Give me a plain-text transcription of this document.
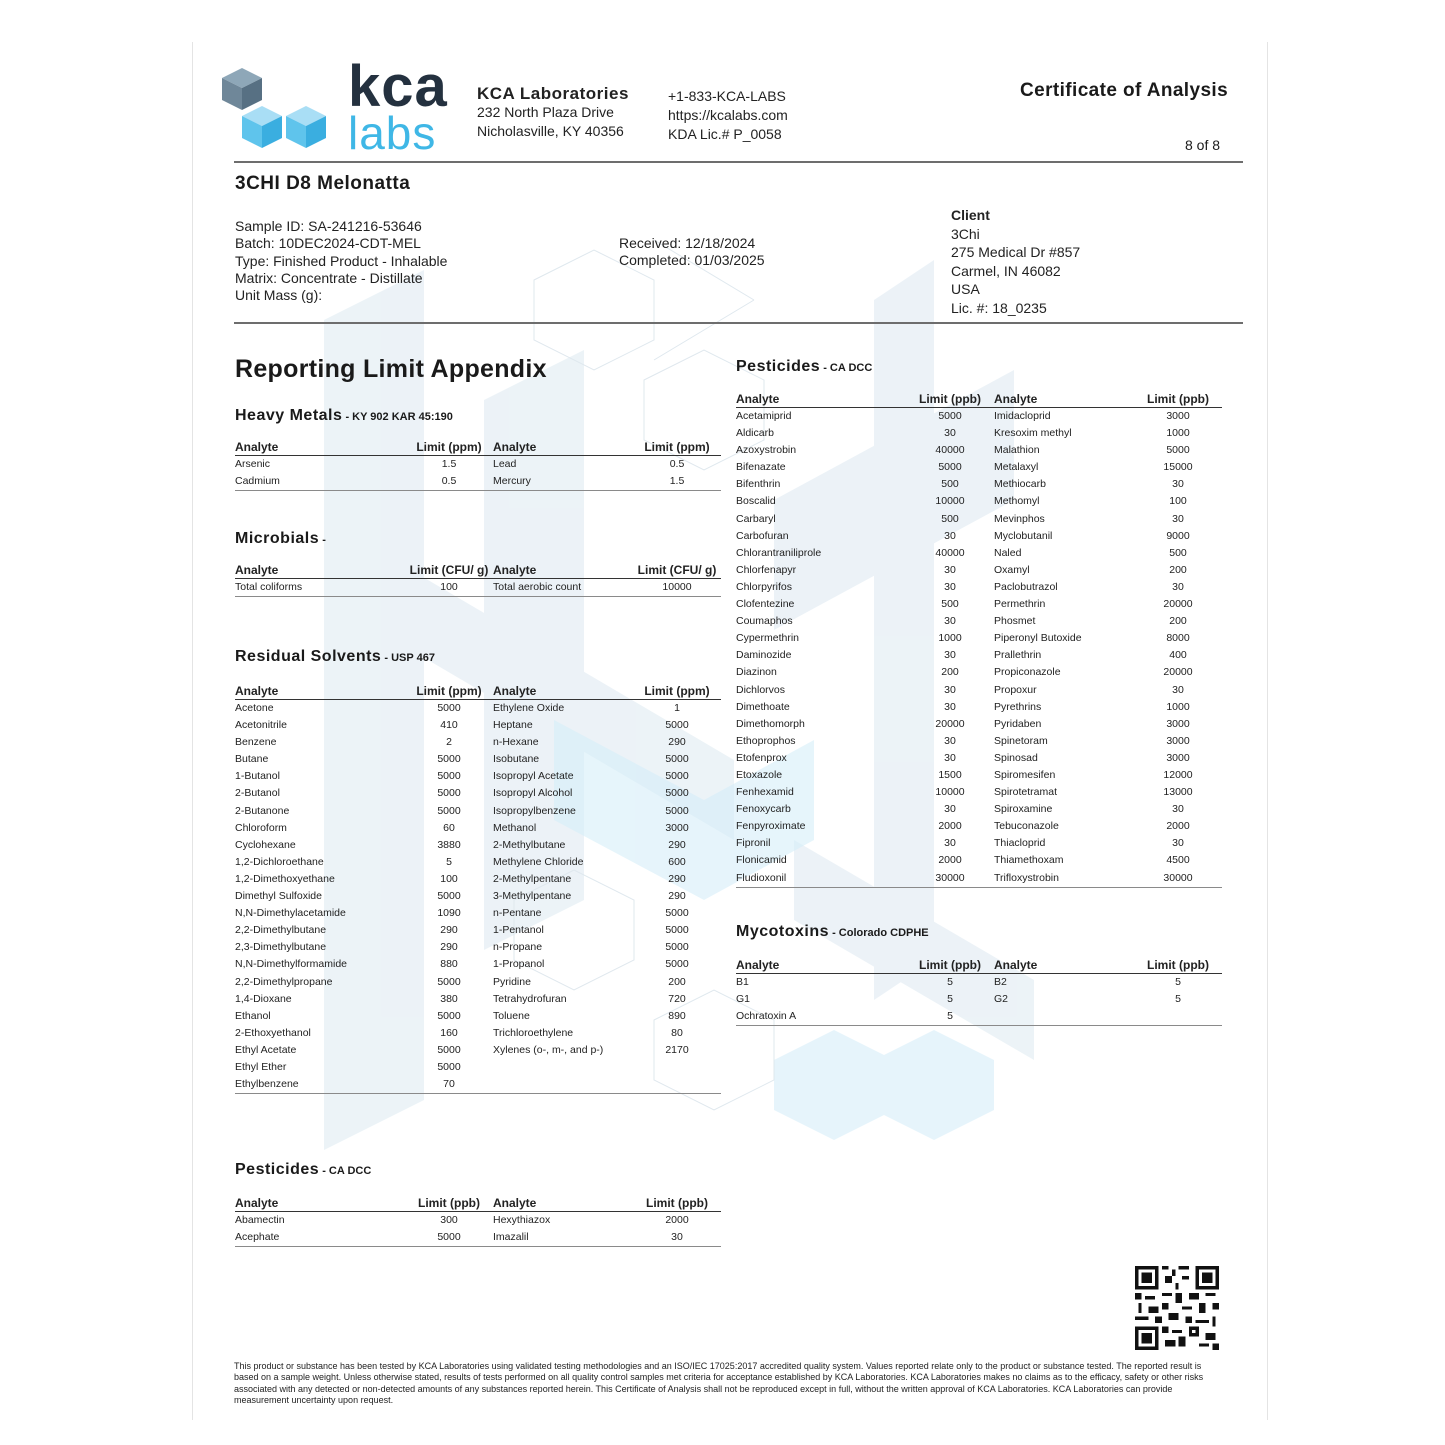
kca
labs
KCA Laboratories
232 North Plaza Drive
Nicholasville, KY 40356
+1-833-KCA-LABS
https://kcalabs.com
KDA Lic.# P_0058
Certificate of Analysis
8 of 8
3CHI D8 Melonatta
Sample ID: SA-241216-53646
Batch: 10DEC2024-CDT-MEL
Type: Finished Product - Inhalable
Matrix: Concentrate - Distillate
Unit Mass (g):
Received: 12/18/2024
Completed: 01/03/2025
Client
3Chi
275 Medical Dr #857
Carmel, IN 46082
USA
Lic. #: 18_0235
Reporting Limit Appendix
Heavy Metals - KY 902 KAR 45:190
Analyte	Limit (ppm)	Analyte	Limit (ppm)
Arsenic	1.5	Lead	0.5
Cadmium	0.5	Mercury	1.5
Microbials -
Analyte	Limit (CFU/ g)	Analyte	Limit (CFU/ g)
Total coliforms	100	Total aerobic count	10000
Residual Solvents - USP 467
Analyte	Limit (ppm)	Analyte	Limit (ppm)
Acetone	5000	Ethylene Oxide	1
Acetonitrile	410	Heptane	5000
Benzene	2	n-Hexane	290
Butane	5000	Isobutane	5000
1-Butanol	5000	Isopropyl Acetate	5000
2-Butanol	5000	Isopropyl Alcohol	5000
2-Butanone	5000	Isopropylbenzene	5000
Chloroform	60	Methanol	3000
Cyclohexane	3880	2-Methylbutane	290
1,2-Dichloroethane	5	Methylene Chloride	600
1,2-Dimethoxyethane	100	2-Methylpentane	290
Dimethyl Sulfoxide	5000	3-Methylpentane	290
N,N-Dimethylacetamide	1090	n-Pentane	5000
2,2-Dimethylbutane	290	1-Pentanol	5000
2,3-Dimethylbutane	290	n-Propane	5000
N,N-Dimethylformamide	880	1-Propanol	5000
2,2-Dimethylpropane	5000	Pyridine	200
1,4-Dioxane	380	Tetrahydrofuran	720
Ethanol	5000	Toluene	890
2-Ethoxyethanol	160	Trichloroethylene	80
Ethyl Acetate	5000	Xylenes (o-, m-, and p-)	2170
Ethyl Ether	5000		
Ethylbenzene	70		
Pesticides - CA DCC
Analyte	Limit (ppb)	Analyte	Limit (ppb)
Abamectin	300	Hexythiazox	2000
Acephate	5000	Imazalil	30
Pesticides - CA DCC
Analyte	Limit (ppb)	Analyte	Limit (ppb)
Acetamiprid	5000	Imidacloprid	3000
Aldicarb	30	Kresoxim methyl	1000
Azoxystrobin	40000	Malathion	5000
Bifenazate	5000	Metalaxyl	15000
Bifenthrin	500	Methiocarb	30
Boscalid	10000	Methomyl	100
Carbaryl	500	Mevinphos	30
Carbofuran	30	Myclobutanil	9000
Chlorantraniliprole	40000	Naled	500
Chlorfenapyr	30	Oxamyl	200
Chlorpyrifos	30	Paclobutrazol	30
Clofentezine	500	Permethrin	20000
Coumaphos	30	Phosmet	200
Cypermethrin	1000	Piperonyl Butoxide	8000
Daminozide	30	Prallethrin	400
Diazinon	200	Propiconazole	20000
Dichlorvos	30	Propoxur	30
Dimethoate	30	Pyrethrins	1000
Dimethomorph	20000	Pyridaben	3000
Ethoprophos	30	Spinetoram	3000
Etofenprox	30	Spinosad	3000
Etoxazole	1500	Spiromesifen	12000
Fenhexamid	10000	Spirotetramat	13000
Fenoxycarb	30	Spiroxamine	30
Fenpyroximate	2000	Tebuconazole	2000
Fipronil	30	Thiacloprid	30
Flonicamid	2000	Thiamethoxam	4500
Fludioxonil	30000	Trifloxystrobin	30000
Mycotoxins - Colorado CDPHE
Analyte	Limit (ppb)	Analyte	Limit (ppb)
B1	5	B2	5
G1	5	G2	5
Ochratoxin A	5		
This product or substance has been tested by KCA Laboratories using validated testing methodologies and an ISO/IEC 17025:2017 accredited quality system. Values reported relate only to the product or substance tested. The reported result is based on a sample weight. Unless otherwise stated, results of tests performed on all quality control samples met criteria for acceptance established by KCA Laboratories. KCA Laboratories makes no claims as to the efficacy, safety or other risks associated with any detected or non-detected amounts of any substances reported herein. This Certificate of Analysis shall not be reproduced except in full, without the written approval of KCA Laboratories. KCA Laboratories can provide measurement uncertainty upon request.
